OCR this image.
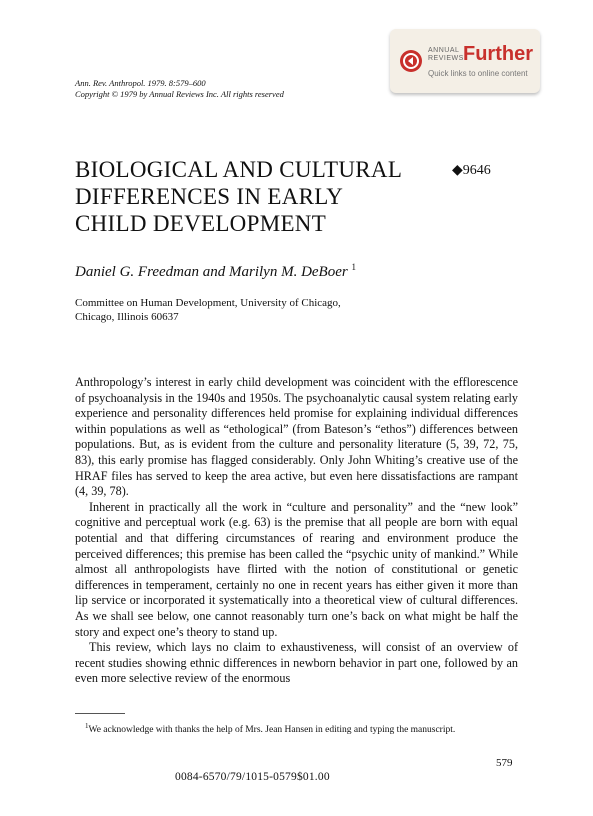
ANNUAL
REVIEWS Further
Quick links to online content
Ann. Rev. Anthropol. 1979. 8:579–600
Copyright © 1979 by Annual Reviews Inc. All rights reserved
BIOLOGICAL AND CULTURAL
DIFFERENCES IN EARLY
CHILD DEVELOPMENT
◆9646
Daniel G. Freedman and Marilyn M. DeBoer $^1$
Committee on Human Development, University of Chicago,
Chicago, Illinois 60637

Anthropology’s interest in early child development was coincident with the efflorescence of psychoanalysis in the 1940s and 1950s. The psychoanalytic causal system relating early experience and personality differences held promise for explaining individual differences within populations as well as “ethological” (from Bateson’s “ethos”) differences between populations. But, as is evident from the culture and personality literature (5, 39, 72, 75, 83), this early promise has flagged considerably. Only John Whiting’s creative use of the HRAF files has served to keep the area active, but even here dissatisfactions are rampant (4, 39, 78).

Inherent in practically all the work in “culture and personality” and the “new look” cognitive and perceptual work (e.g. 63) is the premise that all people are born with equal potential and that differing circumstances of rearing and environment produce the perceived differences; this premise has been called the “psychic unity of mankind.” While almost all anthropologists have flirted with the notion of constitutional or genetic differences in temperament, certainly no one in recent years has either given it more than lip service or incorporated it systematically into a theoretical view of cultural differences. As we shall see below, one cannot reasonably turn one’s back on what might be half the story and expect one’s theory to stand up.

This review, which lays no claim to exhaustiveness, will consist of an overview of recent studies showing ethnic differences in newborn behavior in part one, followed by an even more selective review of the enormous

$^1$We acknowledge with thanks the help of Mrs. Jean Hansen in editing and typing the manuscript.
579
0084-6570/79/1015-0579$01.00
